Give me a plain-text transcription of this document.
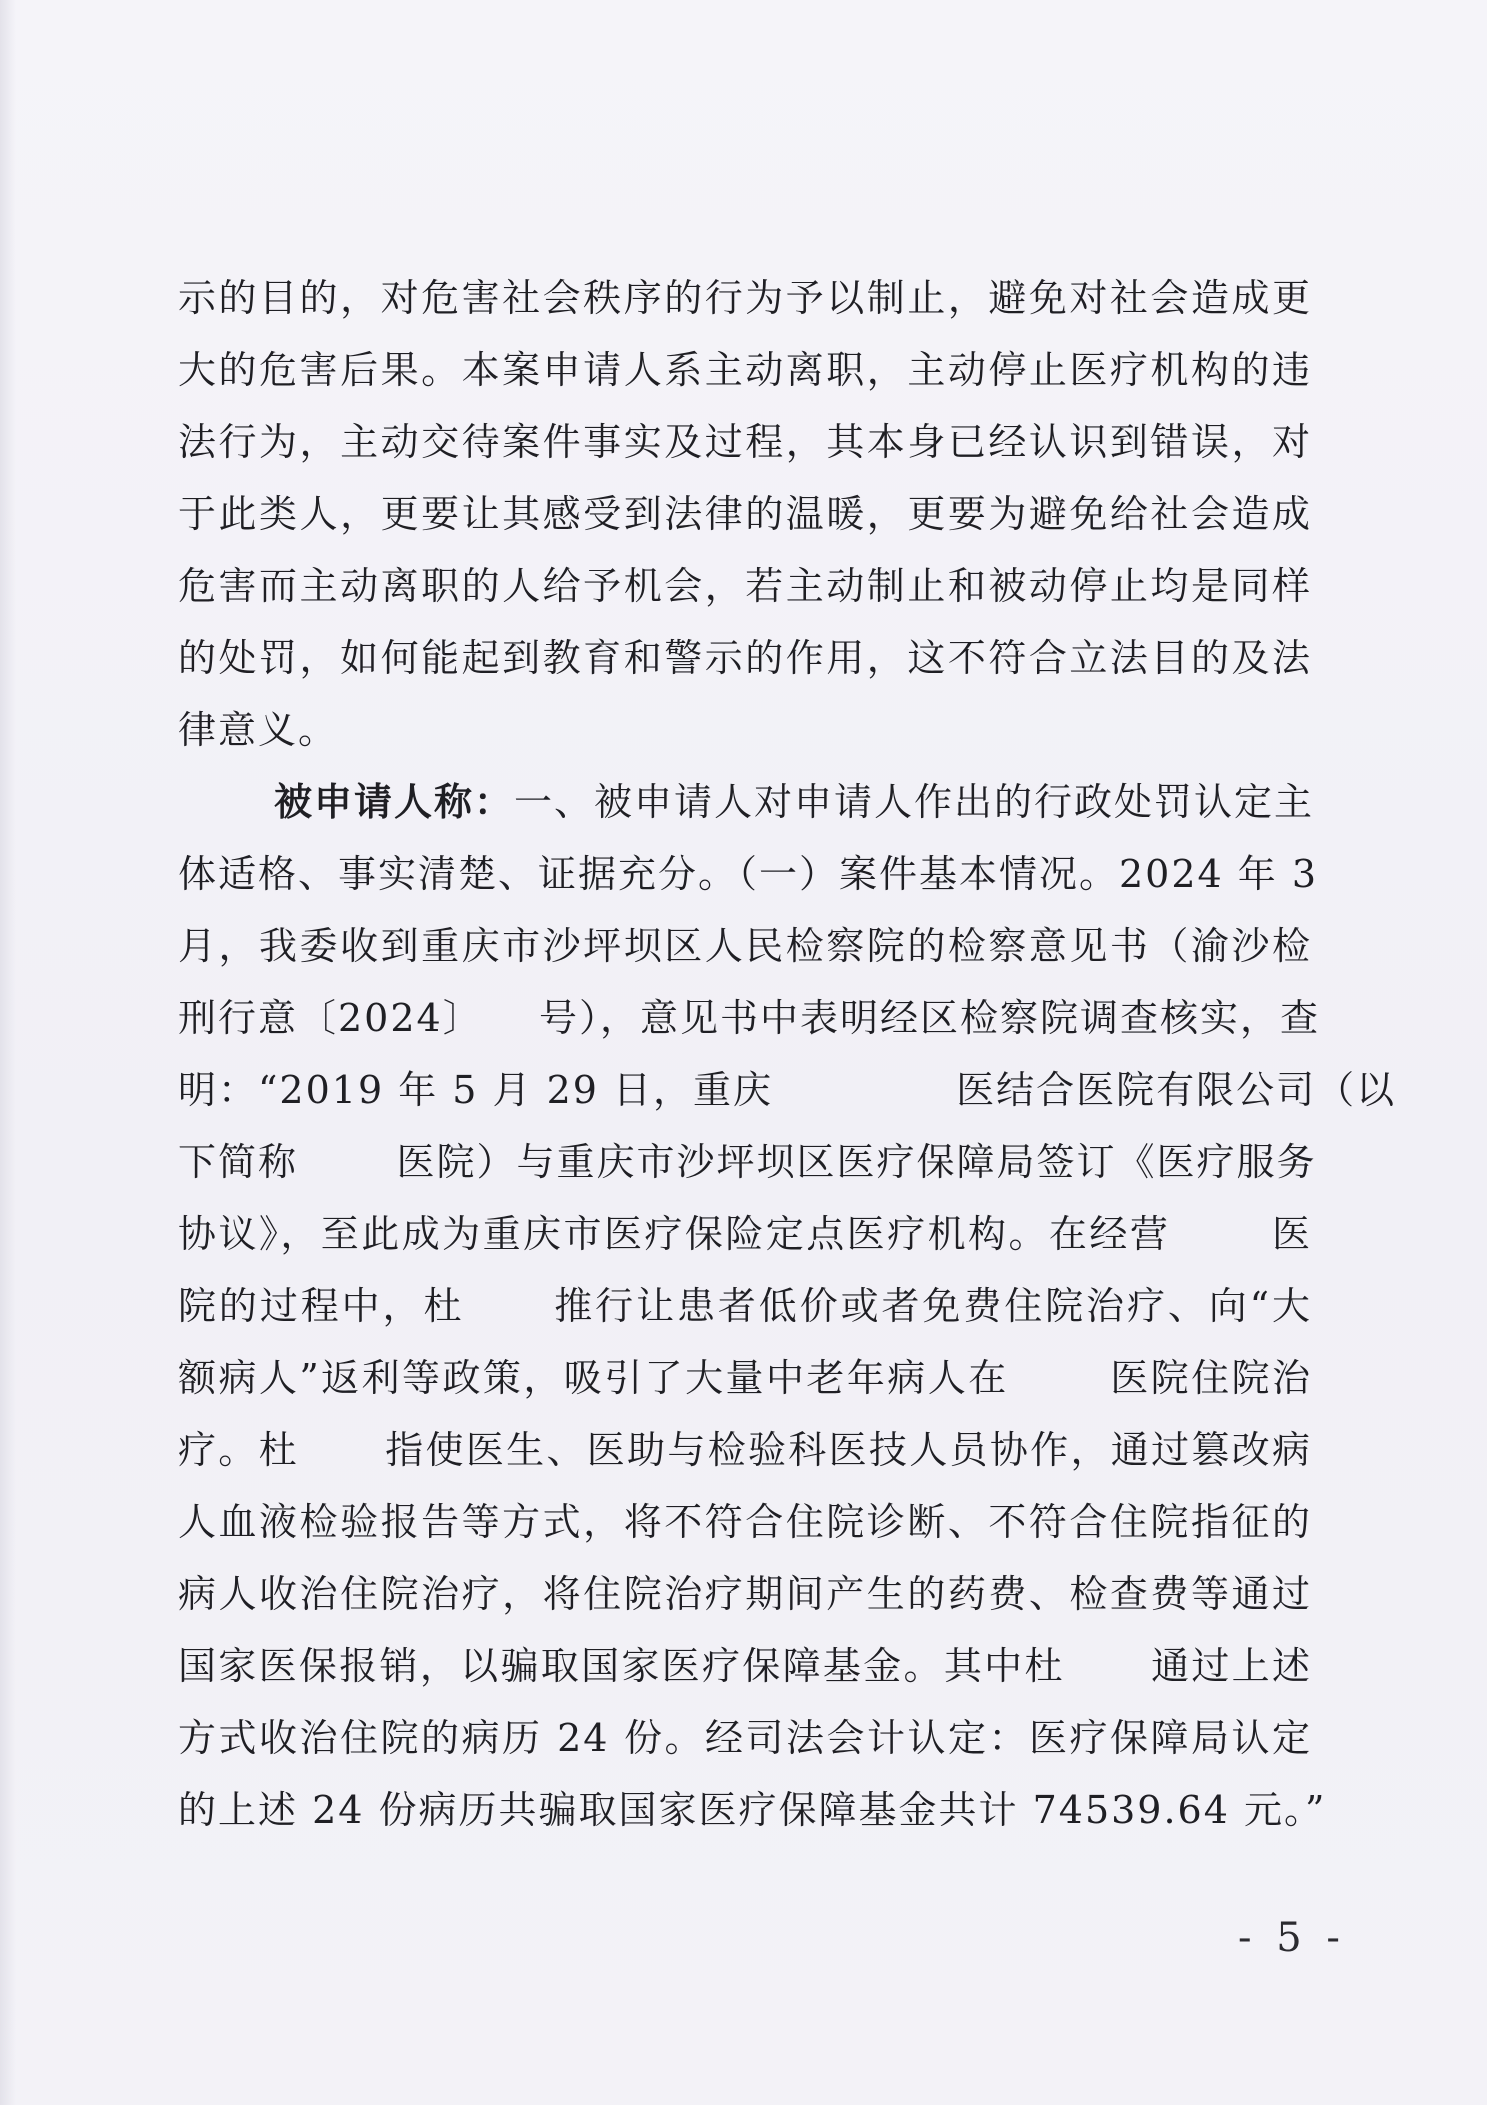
示的目的，对危害社会秩序的行为予以制止，避免对社会造成更
大的危害后果。本案申请人系主动离职，主动停止医疗机构的违
法行为，主动交待案件事实及过程，其本身已经认识到错误，对
于此类人，更要让其感受到法律的温暖，更要为避免给社会造成
危害而主动离职的人给予机会，若主动制止和被动停止均是同样
的处罚，如何能起到教育和警示的作用，这不符合立法目的及法
律意义。
被申请人称：一、被申请人对申请人作出的行政处罚认定主
体适格、事实清楚、证据充分。（一）案件基本情况。2024 年 3
月，我委收到重庆市沙坪坝区人民检察院的检察意见书（渝沙检
刑行意〔2024〕    号），意见书中表明经区检察院调查核实，查
明：“2019 年 5 月 29 日，重庆             医结合医院有限公司（以
下简称       医院）与重庆市沙坪坝区医疗保障局签订《医疗服务
协议》，至此成为重庆市医疗保险定点医疗机构。在经营       医
院的过程中，杜      推行让患者低价或者免费住院治疗、向“大
额病人”返利等政策，吸引了大量中老年病人在       医院住院治
疗。杜      指使医生、医助与检验科医技人员协作，通过篡改病
人血液检验报告等方式，将不符合住院诊断、不符合住院指征的
病人收治住院治疗，将住院治疗期间产生的药费、检查费等通过
国家医保报销，以骗取国家医疗保障基金。其中杜      通过上述
方式收治住院的病历 24 份。经司法会计认定：医疗保障局认定
的上述 24 份病历共骗取国家医疗保障基金共计 74539.64 元。”
- 5 -
